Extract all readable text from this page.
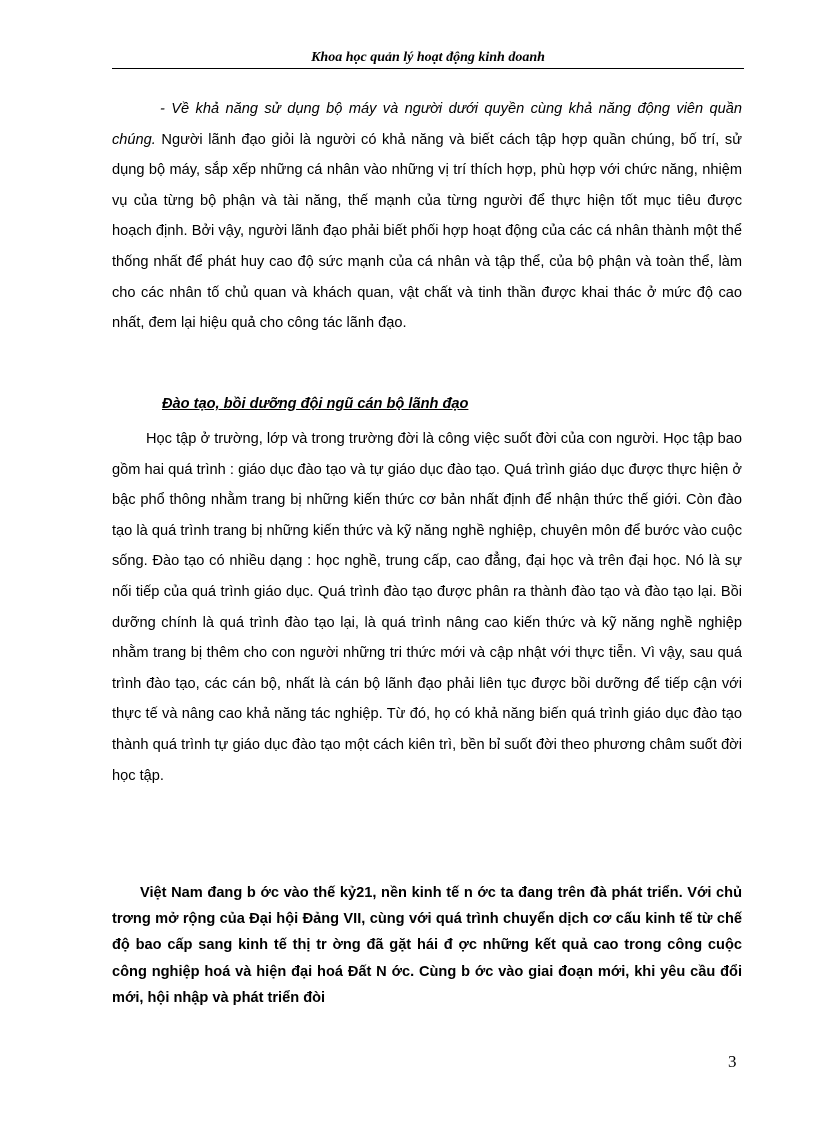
Khoa học quản lý hoạt động kinh doanh

- Về khả năng sử dụng bộ máy và người dưới quyền cùng khả năng động viên quần chúng. Người lãnh đạo giỏi là người có khả năng và biết cách tập hợp quần chúng, bố trí, sử dụng bộ máy, sắp xếp những cá nhân vào những vị trí thích hợp, phù hợp với chức năng, nhiệm vụ của từng bộ phận và tài năng, thế mạnh của từng người để thực hiện tốt mục tiêu được hoạch định. Bởi vậy, người lãnh đạo phải biết phối hợp hoạt động của các cá nhân thành một thể thống nhất để phát huy cao độ sức mạnh của cá nhân và tập thể, của bộ phận và toàn thể, làm cho các nhân tố chủ quan và khách quan, vật chất và tinh thần được khai thác ở mức độ cao nhất, đem lại hiệu quả cho công tác lãnh đạo.

Đào tạo, bồi dưỡng đội ngũ cán bộ lãnh đạo

Học tập ở trường, lớp và trong trường đời là công việc suốt đời của con người. Học tập bao gồm hai quá trình : giáo dục đào tạo và tự giáo dục đào tạo. Quá trình giáo dục được thực hiện ở bậc phổ thông nhằm trang bị những kiến thức cơ bản nhất định để nhận thức thế giới. Còn đào tạo là quá trình trang bị những kiến thức và kỹ năng nghề nghiệp, chuyên môn để bước vào cuộc sống. Đào tạo có nhiều dạng : học nghề, trung cấp, cao đẳng, đại học và trên đại học. Nó là sự nối tiếp của quá trình giáo dục. Quá trình đào tạo được phân ra thành đào tạo và đào tạo lại. Bồi dưỡng chính là quá trình đào tạo lại, là quá trình nâng cao kiến thức và kỹ năng nghề nghiệp nhằm trang bị thêm cho con người những tri thức mới và cập nhật với thực tiễn. Vì vậy, sau quá trình đào tạo, các cán bộ, nhất là cán bộ lãnh đạo phải liên tục được bồi dưỡng để tiếp cận với thực tế và nâng cao khả năng tác nghiệp. Từ đó, họ có khả năng biến quá trình giáo dục đào tạo thành quá trình tự giáo dục đào tạo một cách kiên trì, bền bỉ suốt đời theo phương châm suốt đời học tập.

Việt Nam đang b ớc vào thế kỷ21, nền kinh tế n ớc ta đang trên đà phát triển. Với chủ trơng mở rộng của Đại hội Đảng VII, cùng với quá trình chuyển dịch cơ cấu kinh tế từ chế độ bao cấp sang kinh tế thị tr ờng đã gặt hái đ ợc những kết quả cao trong công cuộc công nghiệp hoá và hiện đại hoá Đất N ớc. Cùng b ớc vào giai đoạn mới, khi yêu cầu đổi mới, hội nhập và phát triển đòi

3
